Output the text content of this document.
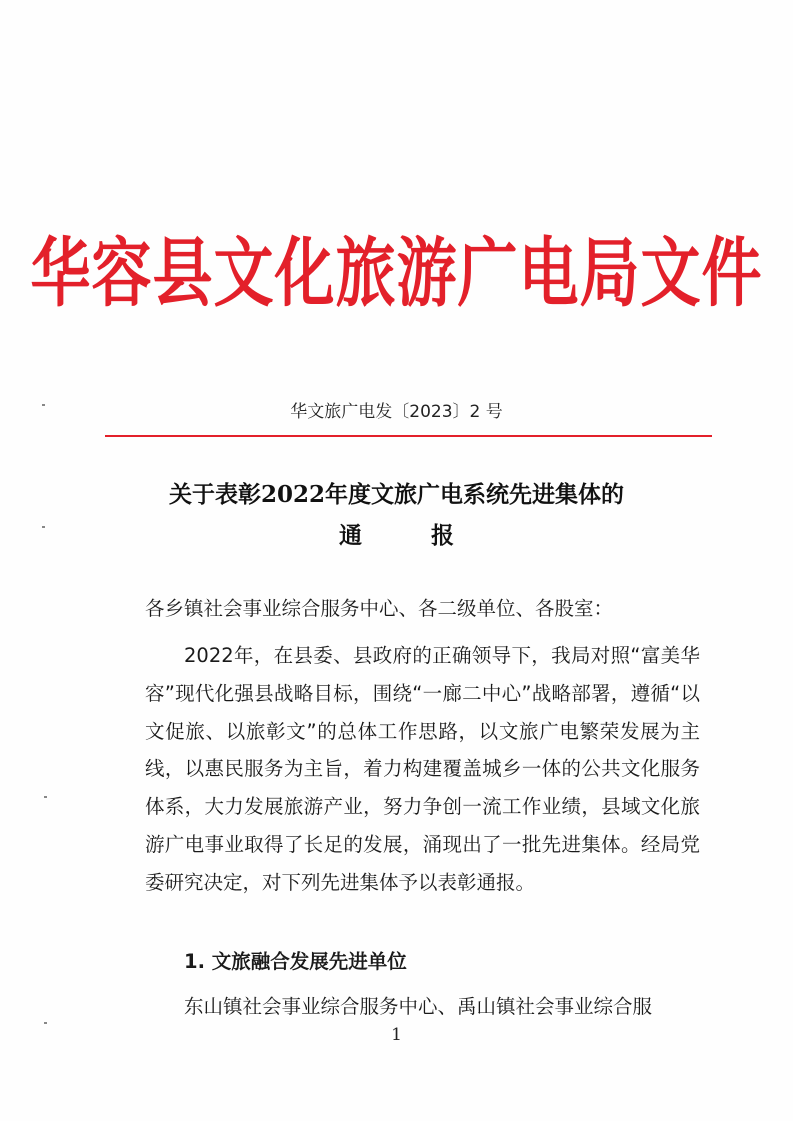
华容县文化旅游广电局文件
华文旅广电发〔2023〕2 号
关于表彰2022年度文旅广电系统先进集体的
通　　　报
各乡镇社会事业综合服务中心、各二级单位、各股室：
2022年，在县委、县政府的正确领导下，我局对照“富美华容”现代化强县战略目标，围绕“一廊二中心”战略部署，遵循“以文促旅、以旅彰文”的总体工作思路，以文旅广电繁荣发展为主线，以惠民服务为主旨，着力构建覆盖城乡一体的公共文化服务体系，大力发展旅游产业，努力争创一流工作业绩，县域文化旅游广电事业取得了长足的发展，涌现出了一批先进集体。经局党委研究决定，对下列先进集体予以表彰通报。
1. 文旅融合发展先进单位
东山镇社会事业综合服务中心、禹山镇社会事业综合服
1
